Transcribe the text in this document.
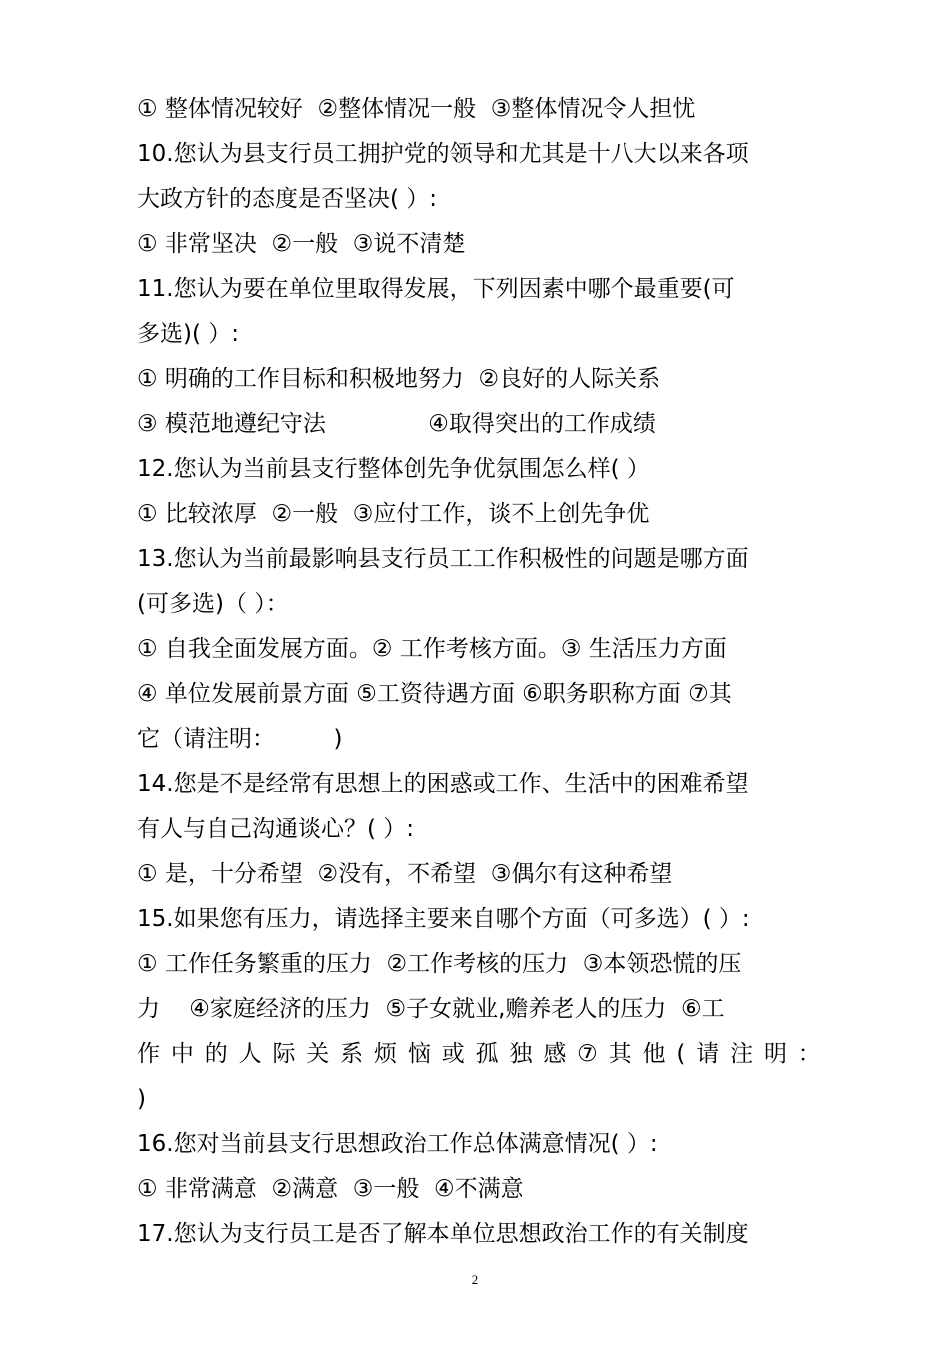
① 整体情况较好  ②整体情况一般  ③整体情况令人担忧

10.您认为县支行员工拥护党的领导和尤其是十八大以来各项

大政方针的态度是否坚决( ）:

① 非常坚决  ②一般  ③说不清楚

11.您认为要在单位里取得发展，下列因素中哪个最重要(可

多选)( ）:

① 明确的工作目标和积极地努力  ②良好的人际关系

③ 模范地遵纪守法              ④取得突出的工作成绩

12.您认为当前县支行整体创先争优氛围怎么样( ）

① 比较浓厚  ②一般  ③应付工作，谈不上创先争优

13.您认为当前最影响县支行员工工作积极性的问题是哪方面

(可多选)（ ）：

① 自我全面发展方面。② 工作考核方面。③ 生活压力方面

④ 单位发展前景方面 ⑤工资待遇方面 ⑥职务职称方面 ⑦其

它（请注明：        )

14.您是不是经常有思想上的困惑或工作、生活中的困难希望

有人与自己沟通谈心？( ）:

① 是，十分希望  ②没有，不希望  ③偶尔有这种希望

15.如果您有压力，请选择主要来自哪个方面（可多选）( ）:

① 工作任务繁重的压力  ②工作考核的压力  ③本领恐慌的压

力    ④家庭经济的压力  ⑤子女就业,赡养老人的压力  ⑥工

作 中 的 人 际 关 系 烦 恼 或 孤 独 感 ⑦ 其 他 ( 请 注 明 ：

)

16.您对当前县支行思想政治工作总体满意情况( ）:

① 非常满意  ②满意  ③一般  ④不满意

17.您认为支行员工是否了解本单位思想政治工作的有关制度

2
